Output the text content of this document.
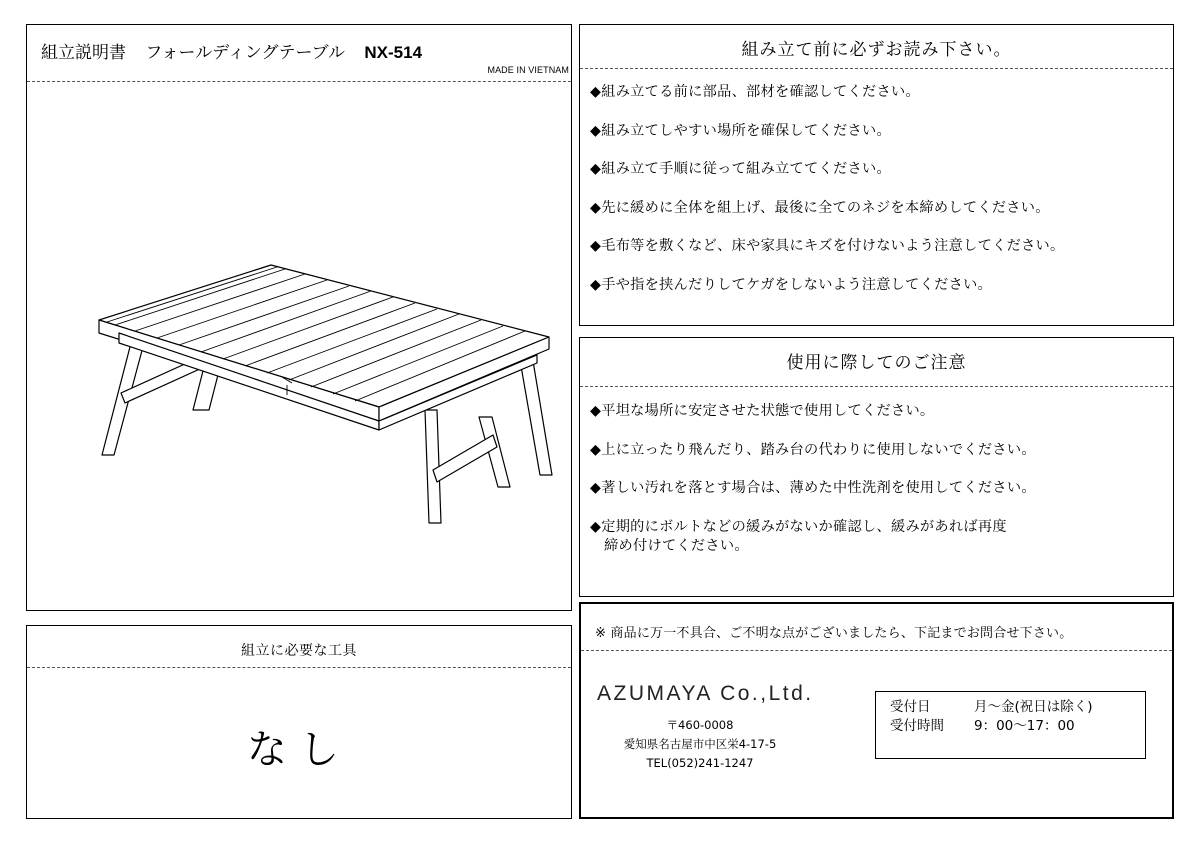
組立説明書 フォールディングテーブル NX-514
MADE IN VIETNAM
組み立て前に必ずお読み下さい。
◆組み立てる前に部品、部材を確認してください。
◆組み立てしやすい場所を確保してください。
◆組み立て手順に従って組み立ててください。
◆先に緩めに全体を組上げ、最後に全てのネジを本締めしてください。
◆毛布等を敷くなど、床や家具にキズを付けないよう注意してください。
◆手や指を挟んだりしてケガをしないよう注意してください。
使用に際してのご注意
◆平坦な場所に安定させた状態で使用してください。
◆上に立ったり飛んだり、踏み台の代わりに使用しないでください。
◆著しい汚れを落とす場合は、薄めた中性洗剤を使用してください。
◆定期的にボルトなどの緩みがないか確認し、緩みがあれば再度
締め付けてください。
組立に必要な工具
なし
※ 商品に万一不具合、ご不明な点がございましたら、下記までお問合せ下さい。
AZUMAYA Co.,Ltd.
〒460-0008
愛知県名古屋市中区栄4-17-5
TEL(052)241-1247
受付日	月～金(祝日は除く)
受付時間 9：00～17：00
